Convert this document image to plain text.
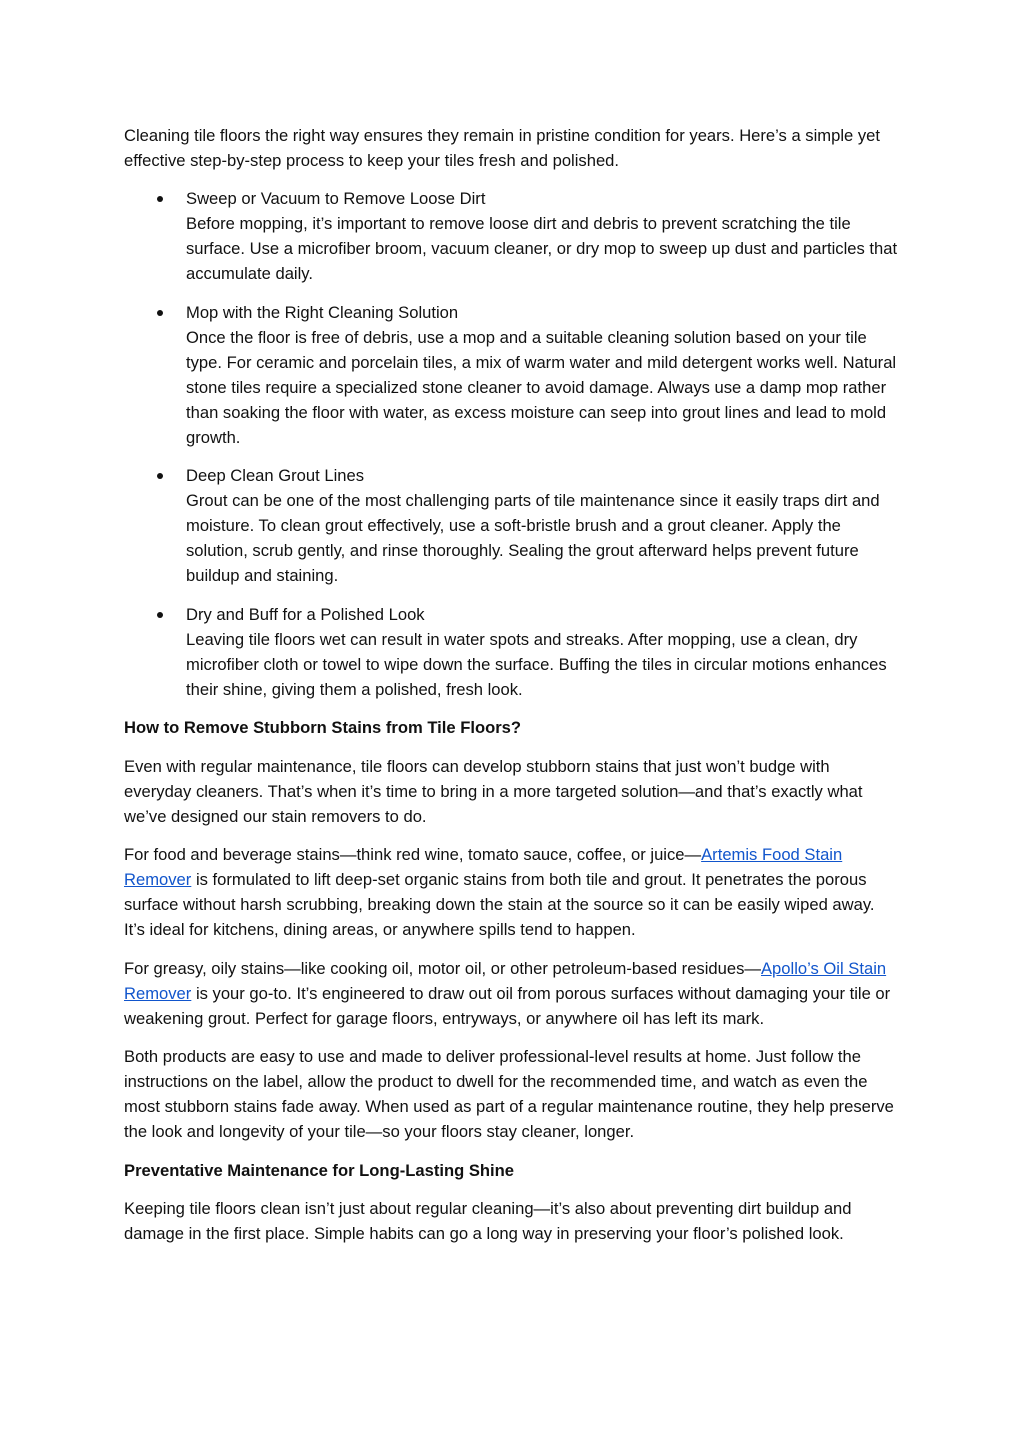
Cleaning tile floors the right way ensures they remain in pristine condition for years. Here’s a simple yet effective step-by-step process to keep your tiles fresh and polished.

Sweep or Vacuum to Remove Loose Dirt
Before mopping, it’s important to remove loose dirt and debris to prevent scratching the tile surface. Use a microfiber broom, vacuum cleaner, or dry mop to sweep up dust and particles that accumulate daily.
Mop with the Right Cleaning Solution
Once the floor is free of debris, use a mop and a suitable cleaning solution based on your tile type. For ceramic and porcelain tiles, a mix of warm water and mild detergent works well. Natural stone tiles require a specialized stone cleaner to avoid damage. Always use a damp mop rather than soaking the floor with water, as excess moisture can seep into grout lines and lead to mold growth.
Deep Clean Grout Lines
Grout can be one of the most challenging parts of tile maintenance since it easily traps dirt and moisture. To clean grout effectively, use a soft-bristle brush and a grout cleaner. Apply the solution, scrub gently, and rinse thoroughly. Sealing the grout afterward helps prevent future buildup and staining.
Dry and Buff for a Polished Look
Leaving tile floors wet can result in water spots and streaks. After mopping, use a clean, dry microfiber cloth or towel to wipe down the surface. Buffing the tiles in circular motions enhances their shine, giving them a polished, fresh look.
How to Remove Stubborn Stains from Tile Floors?

Even with regular maintenance, tile floors can develop stubborn stains that just won’t budge with everyday cleaners. That’s when it’s time to bring in a more targeted solution—and that’s exactly what we’ve designed our stain removers to do.

For food and beverage stains—think red wine, tomato sauce, coffee, or juice—Artemis Food Stain Remover is formulated to lift deep-set organic stains from both tile and grout. It penetrates the porous surface without harsh scrubbing, breaking down the stain at the source so it can be easily wiped away. It’s ideal for kitchens, dining areas, or anywhere spills tend to happen.

For greasy, oily stains—like cooking oil, motor oil, or other petroleum-based residues—Apollo’s Oil Stain Remover is your go-to. It’s engineered to draw out oil from porous surfaces without damaging your tile or weakening grout. Perfect for garage floors, entryways, or anywhere oil has left its mark.

Both products are easy to use and made to deliver professional-level results at home. Just follow the instructions on the label, allow the product to dwell for the recommended time, and watch as even the most stubborn stains fade away. When used as part of a regular maintenance routine, they help preserve the look and longevity of your tile—so your floors stay cleaner, longer.

Preventative Maintenance for Long-Lasting Shine

Keeping tile floors clean isn’t just about regular cleaning—it’s also about preventing dirt buildup and damage in the first place. Simple habits can go a long way in preserving your floor’s polished look.
